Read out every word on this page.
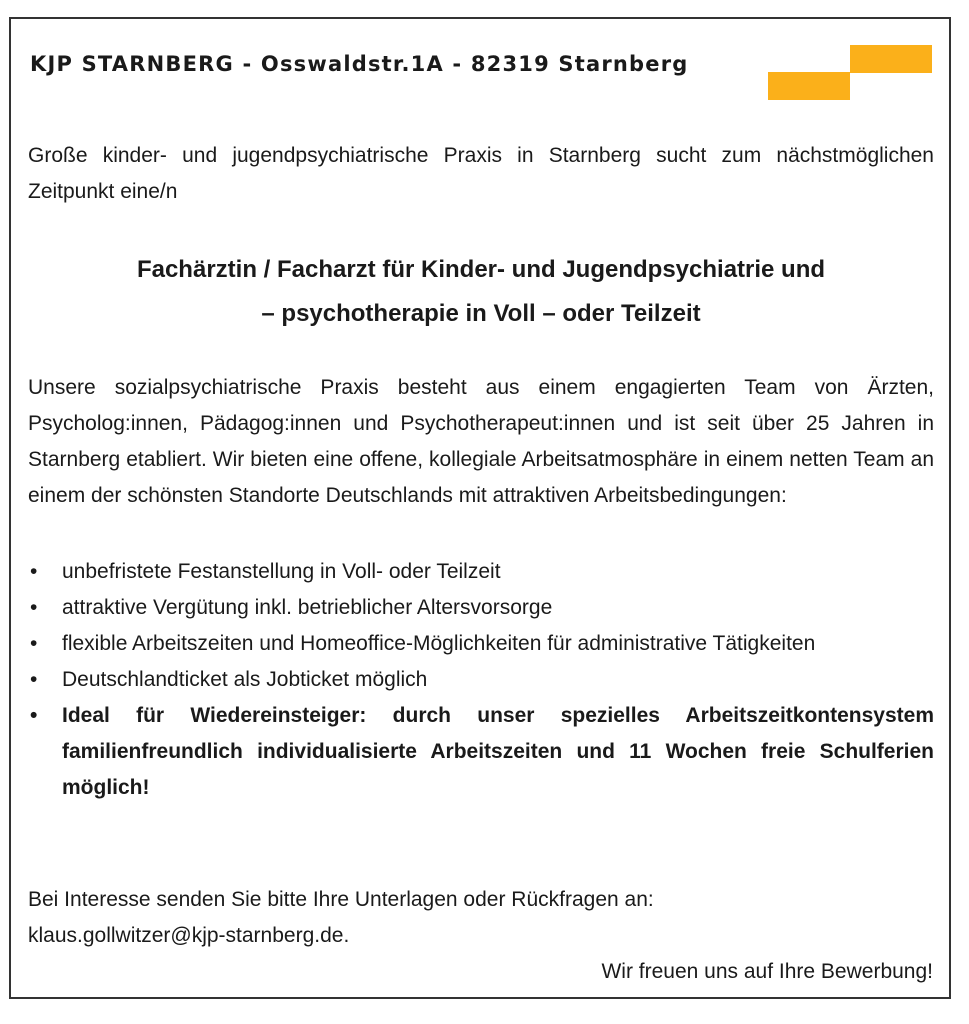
KJP STARNBERG - Osswaldstr.1A - 82319 Starnberg
Große kinder- und jugendpsychiatrische Praxis in Starnberg sucht zum nächstmöglichen Zeitpunkt eine/n
Fachärztin / Facharzt für Kinder- und Jugendpsychiatrie und
– psychotherapie in Voll – oder Teilzeit
Unsere sozialpsychiatrische Praxis besteht aus einem engagierten Team von Ärzten, Psycholog:innen, Pädagog:innen und Psychotherapeut:innen und ist seit über 25 Jahren in Starnberg etabliert. Wir bieten eine offene, kollegiale Arbeitsatmosphäre in einem netten Team an einem der schönsten Standorte Deutschlands mit attraktiven Arbeitsbedingungen:
• unbefristete Festanstellung in Voll- oder Teilzeit
• attraktive Vergütung inkl. betrieblicher Altersvorsorge
• flexible Arbeitszeiten und Homeoffice-Möglichkeiten für administrative Tätigkeiten
• Deutschlandticket als Jobticket möglich
• Ideal für Wiedereinsteiger: durch unser spezielles Arbeitszeitkontensystem familienfreundlich individualisierte Arbeitszeiten und 11 Wochen freie Schulferien möglich!
Bei Interesse senden Sie bitte Ihre Unterlagen oder Rückfragen an:
klaus.gollwitzer@kjp-starnberg.de.
Wir freuen uns auf Ihre Bewerbung!
